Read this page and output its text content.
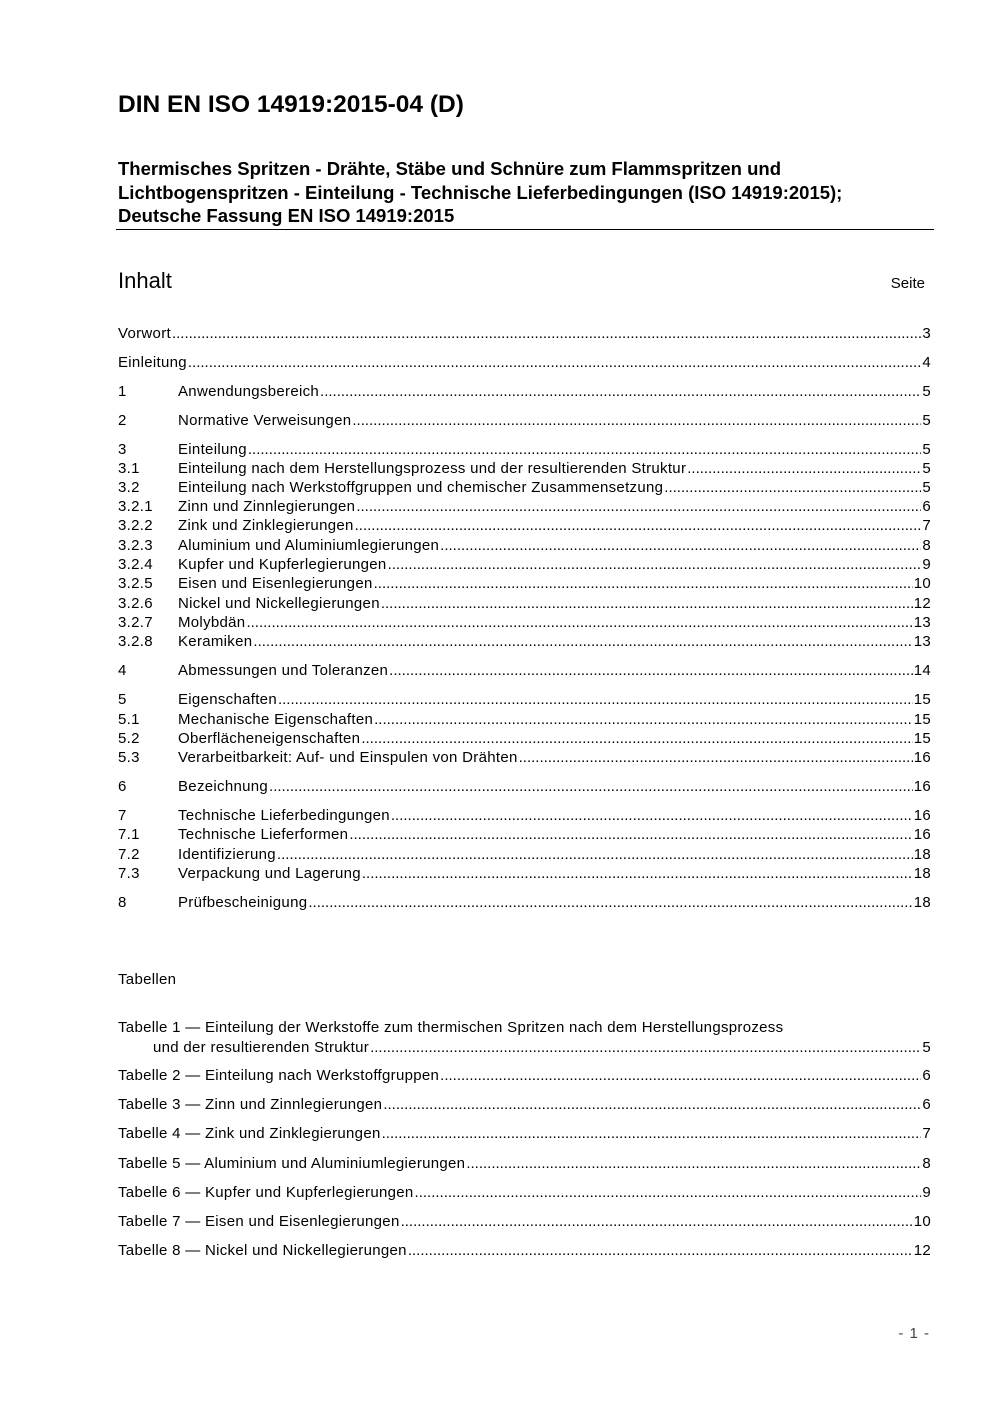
DIN EN ISO 14919:2015-04 (D)
Thermisches Spritzen - Drähte, Stäbe und Schnüre zum Flammspritzen und
Lichtbogenspritzen - Einteilung - Technische Lieferbedingungen (ISO 14919:2015);
Deutsche Fassung EN ISO 14919:2015
Inhalt	Seite
Vorwort .....	3
Einleitung .....	4
1	Anwendungsbereich .....	5
2	Normative Verweisungen .....	5
3	Einteilung .....	5
3.1	Einteilung nach dem Herstellungsprozess und der resultierenden Struktur .....	5
3.2	Einteilung nach Werkstoffgruppen und chemischer Zusammensetzung .....	5
3.2.1	Zinn und Zinnlegierungen .....	6
3.2.2	Zink und Zinklegierungen .....	7
3.2.3	Aluminium und Aluminiumlegierungen .....	8
3.2.4	Kupfer und Kupferlegierungen .....	9
3.2.5	Eisen und Eisenlegierungen .....	10
3.2.6	Nickel und Nickellegierungen .....	12
3.2.7	Molybdän .....	13
3.2.8	Keramiken .....	13
4	Abmessungen und Toleranzen .....	14
5	Eigenschaften .....	15
5.1	Mechanische Eigenschaften .....	15
5.2	Oberflächeneigenschaften .....	15
5.3	Verarbeitbarkeit: Auf- und Einspulen von Drähten .....	16
6	Bezeichnung .....	16
7	Technische Lieferbedingungen .....	16
7.1	Technische Lieferformen .....	16
7.2	Identifizierung .....	18
7.3	Verpackung und Lagerung .....	18
8	Prüfbescheinigung .....	18
Tabellen
Tabelle 1 — Einteilung der Werkstoffe zum thermischen Spritzen nach dem Herstellungsprozess
und der resultierenden Struktur .....	5
Tabelle 2 — Einteilung nach Werkstoffgruppen .....	6
Tabelle 3 — Zinn und Zinnlegierungen .....	6
Tabelle 4 — Zink und Zinklegierungen .....	7
Tabelle 5 — Aluminium und Aluminiumlegierungen .....	8
Tabelle 6 — Kupfer und Kupferlegierungen .....	9
Tabelle 7 — Eisen und Eisenlegierungen .....	10
Tabelle 8 — Nickel und Nickellegierungen .....	12
- 1 -
